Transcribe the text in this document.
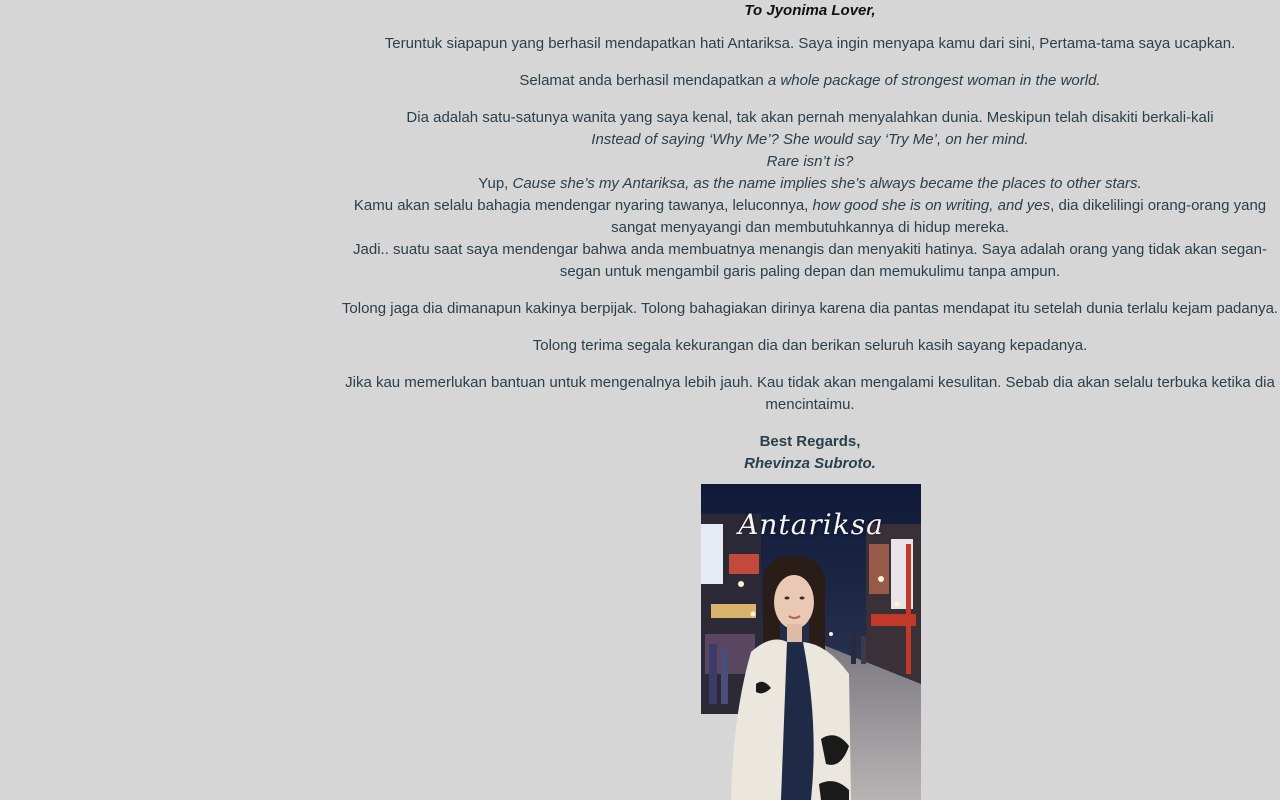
To Jyonima Lover,

Teruntuk siapapun yang berhasil mendapatkan hati Antariksa. Saya ingin menyapa kamu dari sini, Pertama-tama saya ucapkan.

Selamat anda berhasil mendapatkan a whole package of strongest woman in the world.

Dia adalah satu-satunya wanita yang saya kenal, tak akan pernah menyalahkan dunia. Meskipun telah disakiti berkali-kali

Instead of saying ‘Why Me’? She would say ‘Try Me’, on her mind.

Rare isn’t is?

Yup, Cause she’s my Antariksa, as the name implies she’s always became the places to other stars.

Kamu akan selalu bahagia mendengar nyaring tawanya, leluconnya, how good she is on writing, and yes, dia dikelilingi orang-orang yang sangat menyayangi dan membutuhkannya di hidup mereka.

Jadi.. suatu saat saya mendengar bahwa anda membuatnya menangis dan menyakiti hatinya. Saya adalah orang yang tidak akan segan-segan untuk mengambil garis paling depan dan memukulimu tanpa ampun.

Tolong jaga dia dimanapun kakinya berpijak. Tolong bahagiakan dirinya karena dia pantas mendapat itu setelah dunia terlalu kejam padanya.

Tolong terima segala kekurangan dia dan berikan seluruh kasih sayang kepadanya.

Jika kau memerlukan bantuan untuk mengenalnya lebih jauh. Kau tidak akan mengalami kesulitan. Sebab dia akan selalu terbuka ketika dia mencintaimu.

Best Regards,

Rhevinza Subroto.

Antariksa
